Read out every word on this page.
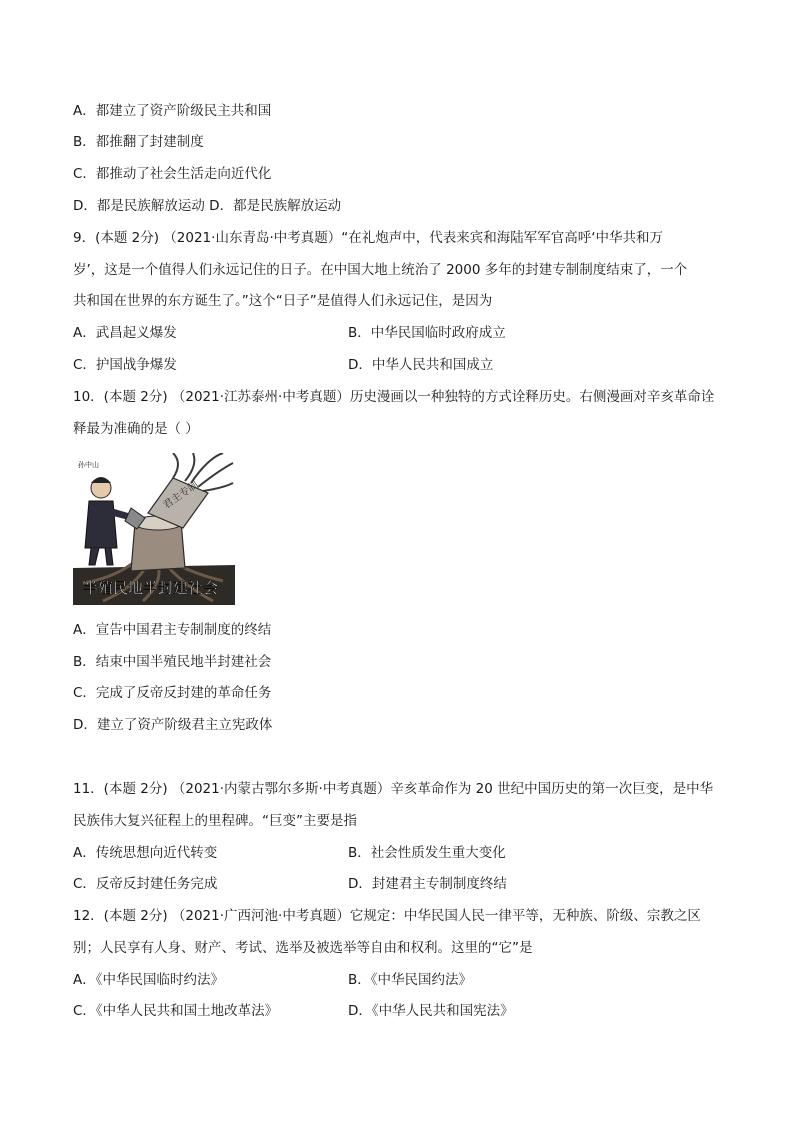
A．都建立了资产阶级民主共和国
B．都推翻了封建制度
C．都推动了社会生活走向近代化
D．都是民族解放运动 D．都是民族解放运动
9．(本题 2分) （2021·山东青岛·中考真题）“在礼炮声中，代表来宾和海陆军军官高呼‘中华共和万
岁’，这是一个值得人们永远记住的日子。在中国大地上统治了 2000 多年的封建专制制度结束了，一个
共和国在世界的东方诞生了。”这个“日子”是值得人们永远记住，是因为
A．武昌起义爆发	B．中华民国临时政府成立
C．护国战争爆发	D．中华人民共和国成立
10．(本题 2分) （2021·江苏泰州·中考真题）历史漫画以一种独特的方式诠释历史。右侧漫画对辛亥革命诠
释最为准确的是（ ）
君主专制
孙中山
半殖民地半封建社会
A．宣告中国君主专制制度的终结
B．结束中国半殖民地半封建社会
C．完成了反帝反封建的革命任务
D．建立了资产阶级君主立宪政体
11．(本题 2分) （2021·内蒙古鄂尔多斯·中考真题）辛亥革命作为 20 世纪中国历史的第一次巨变，是中华
民族伟大复兴征程上的里程碑。“巨变”主要是指
A．传统思想向近代转变	B．社会性质发生重大变化
C．反帝反封建任务完成	D．封建君主专制制度终结
12．(本题 2分) （2021·广西河池·中考真题）它规定：中华民国人民一律平等，无种族、阶级、宗教之区
别；人民享有人身、财产、考试、选举及被选举等自由和权利。这里的“它”是
A．《中华民国临时约法》	B．《中华民国约法》
C．《中华人民共和国土地改革法》	D．《中华人民共和国宪法》
